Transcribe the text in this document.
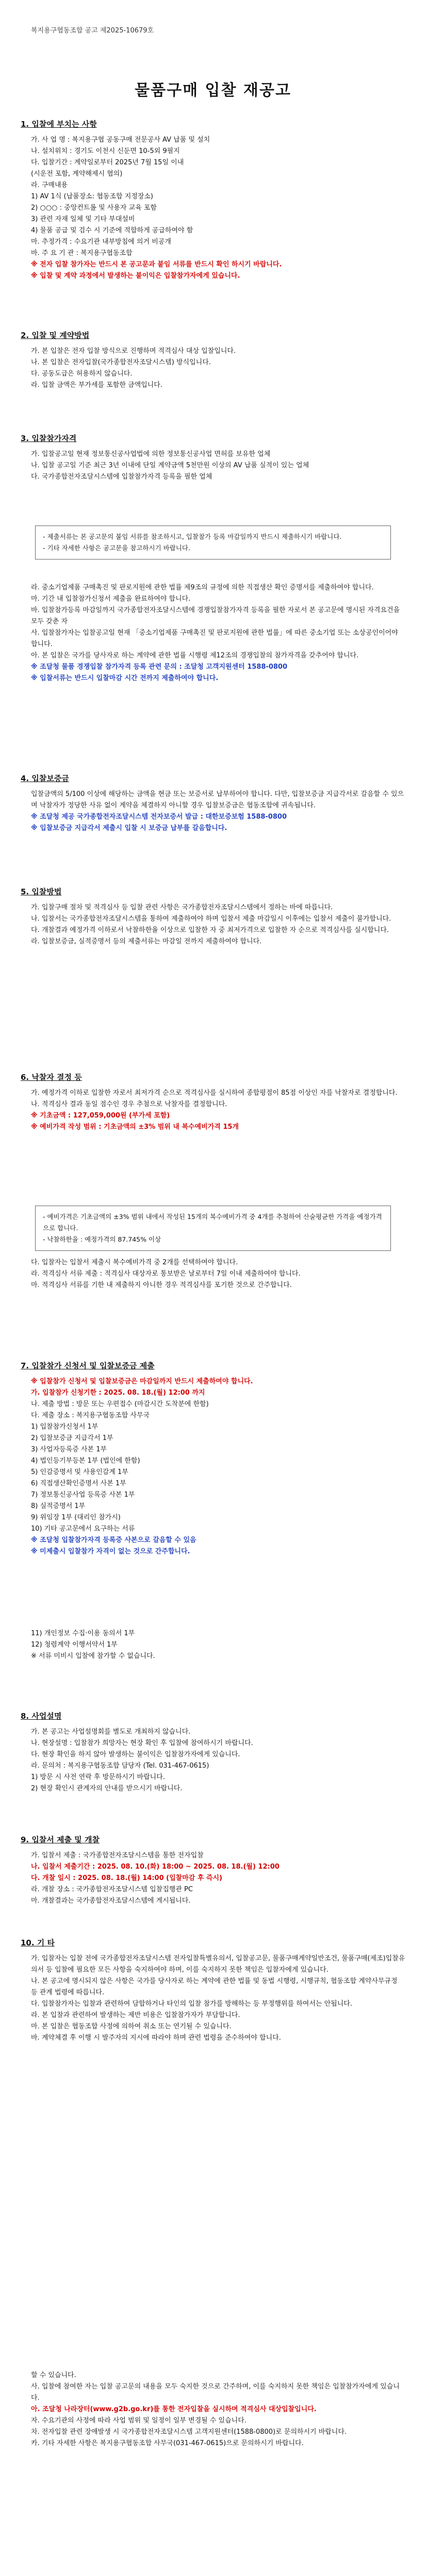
복지용구협동조합 공고 제2025-10679호
물품구매 입찰 재공고
1. 입찰에 부치는 사항

가. 사 업 명 : 복지용구협 공동구매 전문공사 AV 납품 및 설치

나. 설치위치 : 경기도 이천시 신둔면 10-5외 9필지

다. 입찰기간 : 계약일로부터 2025년 7월 15일 이내

(시운전 포함, 계약해제시 협의)

라. 구매내용

1) AV 1식 (납품장소: 협동조합 지정장소)

2) ○○○ : 중앙컨트롤 및 사용자 교육 포함

3) 관련 자재 일체 및 기타 부대설비

4) 물품 공급 및 검수 시 기준에 적합하게 공급하여야 함

마. 추정가격 : 수요기관 내부방침에 의거 비공개

바. 주 요 기 관 : 복지용구협동조합

※ 전자 입찰 참가자는 반드시 본 공고문과 붙임 서류를 반드시 확인 하시기 바랍니다.

※ 입찰 및 계약 과정에서 발생하는 불이익은 입찰참가자에게 있습니다.

2. 입찰 및 계약방법

가. 본 입찰은 전자 입찰 방식으로 진행하며 적격심사 대상 입찰입니다.

나. 본 입찰은 전자입찰(국가종합전자조달시스템) 방식입니다.

다. 공동도급은 허용하지 않습니다.

라. 입찰 금액은 부가세를 포함한 금액입니다.

3. 입찰참가자격

가. 입찰공고일 현재 정보통신공사업법에 의한 정보통신공사업 면허를 보유한 업체

나. 입찰 공고일 기준 최근 3년 이내에 단일 계약금액 5천만원 이상의 AV 납품 실적이 있는 업체

다. 국가종합전자조달시스템에 입찰참가자격 등록을 필한 업체

- 제출서류는 본 공고문의 붙임 서류를 참조하시고, 입찰참가 등록 마감일까지 반드시 제출하시기 바랍니다.

- 기타 자세한 사항은 공고문을 참고하시기 바랍니다.

라. 중소기업제품 구매촉진 및 판로지원에 관한 법률 제9조의 규정에 의한 직접생산 확인 증명서를 제출하여야 합니다.

마. 기간 내 입찰참가신청서 제출을 완료하여야 합니다.

바. 입찰참가등록 마감일까지 국가종합전자조달시스템에 경쟁입찰참가자격 등록을 필한 자로서 본 공고문에 명시된 자격요건을 모두 갖춘 자

사. 입찰참가자는 입찰공고일 현재 「중소기업제품 구매촉진 및 판로지원에 관한 법률」에 따른 중소기업 또는 소상공인이어야 합니다.

아. 본 입찰은 국가를 당사자로 하는 계약에 관한 법률 시행령 제12조의 경쟁입찰의 참가자격을 갖추어야 합니다.

※ 조달청 물품 경쟁입찰 참가자격 등록 관련 문의 : 조달청 고객지원센터 1588-0800

※ 입찰서류는 반드시 입찰마감 시간 전까지 제출하여야 합니다.

4. 입찰보증금

입찰금액의 5/100 이상에 해당하는 금액을 현금 또는 보증서로 납부하여야 합니다. 다만, 입찰보증금 지급각서로 갈음할 수 있으며 낙찰자가 정당한 사유 없이 계약을 체결하지 아니할 경우 입찰보증금은 협동조합에 귀속됩니다.

※ 조달청 제공 국가종합전자조달시스템 전자보증서 발급 : 대한보증보험 1588-0800

※ 입찰보증금 지급각서 제출시 입찰 시 보증금 납부를 갈음합니다.

5. 입찰방법

가. 입찰구매 절차 및 적격심사 등 입찰 관련 사항은 국가종합전자조달시스템에서 정하는 바에 따릅니다.

나. 입찰서는 국가종합전자조달시스템을 통하여 제출하여야 하며 입찰서 제출 마감일시 이후에는 입찰서 제출이 불가합니다.

다. 개찰결과 예정가격 이하로서 낙찰하한율 이상으로 입찰한 자 중 최저가격으로 입찰한 자 순으로 적격심사를 실시합니다.

라. 입찰보증금, 실적증명서 등의 제출서류는 마감일 전까지 제출하여야 합니다.

6. 낙찰자 결정 등

가. 예정가격 이하로 입찰한 자로서 최저가격 순으로 적격심사를 실시하여 종합평점이 85점 이상인 자를 낙찰자로 결정합니다.

나. 적격심사 결과 동일 점수인 경우 추첨으로 낙찰자를 결정합니다.

※ 기초금액 : 127,059,000원 (부가세 포함)

※ 예비가격 작성 범위 : 기초금액의 ±3% 범위 내 복수예비가격 15개

- 예비가격은 기초금액의 ±3% 범위 내에서 작성된 15개의 복수예비가격 중 4개를 추첨하여 산술평균한 가격을 예정가격으로 합니다.

- 낙찰하한율 : 예정가격의 87.745% 이상

다. 입찰자는 입찰서 제출시 복수예비가격 중 2개를 선택하여야 합니다.

라. 적격심사 서류 제출 : 적격심사 대상자로 통보받은 날로부터 7일 이내 제출하여야 합니다.

마. 적격심사 서류를 기한 내 제출하지 아니한 경우 적격심사를 포기한 것으로 간주합니다.

7. 입찰참가 신청서 및 입찰보증금 제출

※ 입찰참가 신청서 및 입찰보증금은 마감일까지 반드시 제출하여야 합니다.

가. 입찰참가 신청기한 : 2025. 08. 18.(월) 12:00 까지

나. 제출 방법 : 방문 또는 우편접수 (마감시간 도착분에 한함)

다. 제출 장소 : 복지용구협동조합 사무국

1) 입찰참가신청서 1부

2) 입찰보증금 지급각서 1부

3) 사업자등록증 사본 1부

4) 법인등기부등본 1부 (법인에 한함)

5) 인감증명서 및 사용인감계 1부

6) 직접생산확인증명서 사본 1부

7) 정보통신공사업 등록증 사본 1부

8) 실적증명서 1부

9) 위임장 1부 (대리인 참가시)

10) 기타 공고문에서 요구하는 서류

※ 조달청 입찰참가자격 등록증 사본으로 갈음할 수 있음

※ 미제출시 입찰참가 자격이 없는 것으로 간주합니다.

11) 개인정보 수집·이용 동의서 1부

12) 청렴계약 이행서약서 1부

※ 서류 미비시 입찰에 참가할 수 없습니다.

8. 사업설명

가. 본 공고는 사업설명회를 별도로 개최하지 않습니다.

나. 현장설명 : 입찰참가 희망자는 현장 확인 후 입찰에 참여하시기 바랍니다.

다. 현장 확인을 하지 않아 발생하는 불이익은 입찰참가자에게 있습니다.

라. 문의처 : 복지용구협동조합 담당자 (Tel. 031-467-0615)

1) 방문 시 사전 연락 후 방문하시기 바랍니다.

2) 현장 확인시 관계자의 안내를 받으시기 바랍니다.

9. 입찰서 제출 및 개찰

가. 입찰서 제출 : 국가종합전자조달시스템을 통한 전자입찰

나. 입찰서 제출기간 : 2025. 08. 10.(화) 18:00 ~ 2025. 08. 18.(월) 12:00

다. 개찰 일시 : 2025. 08. 18.(월) 14:00 (입찰마감 후 즉시)

라. 개찰 장소 : 국가종합전자조달시스템 입찰집행관 PC

마. 개찰결과는 국가종합전자조달시스템에 게시됩니다.

10. 기 타

가. 입찰자는 입찰 전에 국가종합전자조달시스템 전자입찰특별유의서, 입찰공고문, 물품구매계약일반조건, 물품구매(제조)입찰유의서 등 입찰에 필요한 모든 사항을 숙지하여야 하며, 이를 숙지하지 못한 책임은 입찰자에게 있습니다.

나. 본 공고에 명시되지 않은 사항은 국가를 당사자로 하는 계약에 관한 법률 및 동법 시행령, 시행규칙, 협동조합 계약사무규정 등 관계 법령에 따릅니다.

다. 입찰참가자는 입찰과 관련하여 담합하거나 타인의 입찰 참가를 방해하는 등 부정행위를 하여서는 안됩니다.

라. 본 입찰과 관련하여 발생하는 제반 비용은 입찰참가자가 부담합니다.

마. 본 입찰은 협동조합 사정에 의하여 취소 또는 연기될 수 있습니다.

바. 계약체결 후 이행 시 발주자의 지시에 따라야 하며 관련 법령을 준수하여야 합니다.

할 수 있습니다.

사. 입찰에 참여한 자는 입찰 공고문의 내용을 모두 숙지한 것으로 간주하며, 이를 숙지하지 못한 책임은 입찰참가자에게 있습니다.

아. 조달청 나라장터(www.g2b.go.kr)를 통한 전자입찰을 실시하며 적격심사 대상입찰입니다.

자. 수요기관의 사정에 따라 사업 범위 및 일정이 일부 변경될 수 있습니다.

차. 전자입찰 관련 장애발생 시 국가종합전자조달시스템 고객지원센터(1588-0800)로 문의하시기 바랍니다.

카. 기타 자세한 사항은 복지용구협동조합 사무국(031-467-0615)으로 문의하시기 바랍니다.
